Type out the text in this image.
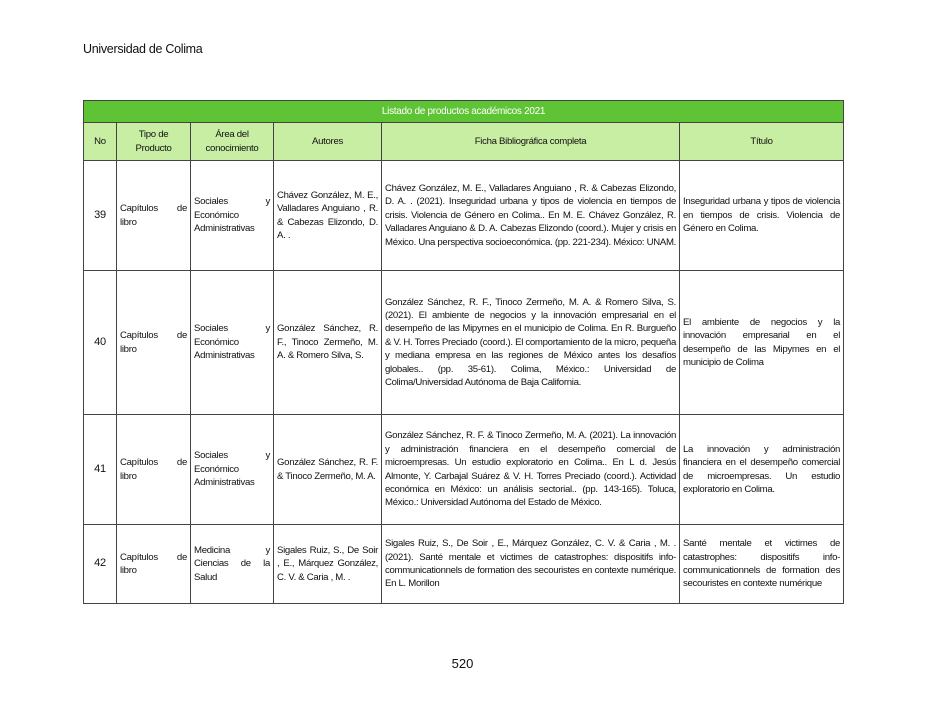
Universidad de Colima
Listado de productos académicos 2021					
No	Tipo de Producto	Área del conocimiento	Autores	Ficha Bibliográfica completa	Título
39	Capítulos de libro	Sociales y Económico Administrativas	Chávez González, M. E., Valladares Anguiano , R. & Cabezas Elizondo, D. A. .	Chávez González, M. E., Valladares Anguiano , R. & Cabezas Elizondo, D. A. . (2021). Inseguridad urbana y tipos de violencia en tiempos de crisis. Violencia de Género en Colima.. En M. E. Chávez González, R. Valladares Anguiano & D. A. Cabezas Elizondo (coord.). Mujer y crisis en México. Una perspectiva socioeconómica. (pp. 221-234). México: UNAM.	Inseguridad urbana y tipos de violencia en tiempos de crisis. Violencia de Género en Colima.
40	Capítulos de libro	Sociales y Económico Administrativas	González Sánchez, R. F., Tinoco Zermeño, M. A. & Romero Silva, S.	González Sánchez, R. F., Tinoco Zermeño, M. A. & Romero Silva, S. (2021). El ambiente de negocios y la innovación empresarial en el desempeño de las Mipymes en el municipio de Colima. En R. Burgueño & V. H. Torres Preciado (coord.). El comportamiento de la micro, pequeña y mediana empresa en las regiones de México antes los desafíos globales.. (pp. 35-61). Colima, México.: Universidad de Colima/Universidad Autónoma de Baja California.	El ambiente de negocios y la innovación empresarial en el desempeño de las Mipymes en el municipio de Colima
41	Capítulos de libro	Sociales y Económico Administrativas	González Sánchez, R. F. & Tinoco Zermeño, M. A.	González Sánchez, R. F. & Tinoco Zermeño, M. A. (2021). La innovación y administración financiera en el desempeño comercial de microempresas. Un estudio exploratorio en Colima.. En L d. Jesús Almonte, Y. Carbajal Suárez & V. H. Torres Preciado (coord.). Actividad económica en México: un análisis sectorial.. (pp. 143-165). Toluca, México.: Universidad Autónoma del Estado de México.	La innovación y administración financiera en el desempeño comercial de microempresas. Un estudio exploratorio en Colima.
42	Capítulos de libro	Medicina y Ciencias de la Salud	Sigales Ruiz, S., De Soir , E., Márquez González, C. V. & Caria , M. .	Sigales Ruiz, S., De Soir , E., Márquez González, C. V. & Caria , M. . (2021). Santé mentale et victimes de catastrophes: dispositifs info-communicationnels de formation des secouristes en contexte numérique. En L. Morillon	Santé mentale et victimes de catastrophes: dispositifs info-communicationnels de formation des secouristes en contexte numérique
520
